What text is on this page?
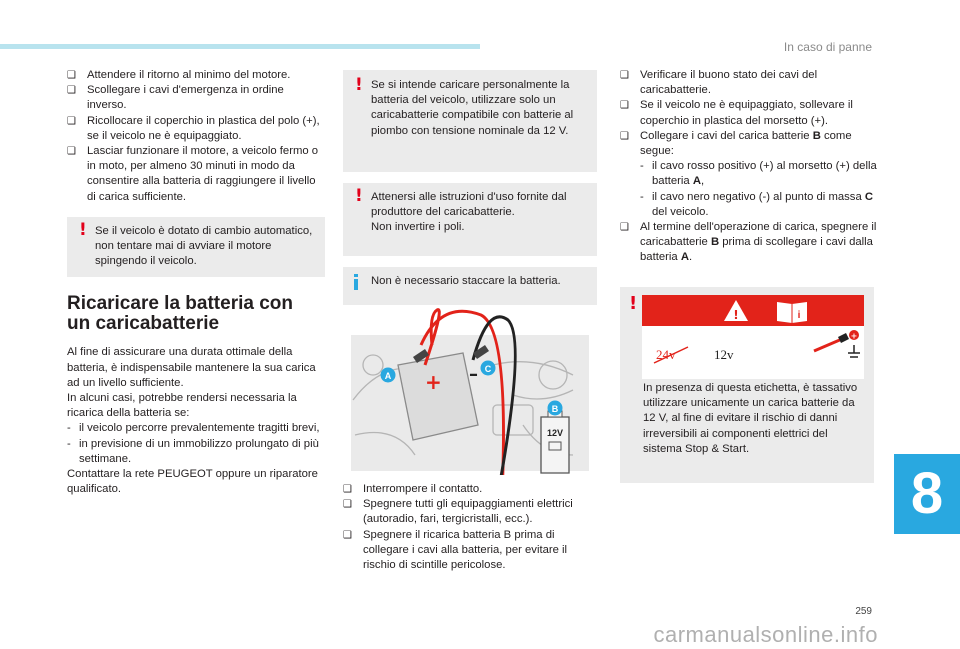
In caso di panne
❑ Attendere il ritorno al minimo del motore.
❑ Scollegare i cavi d'emergenza in ordine inverso.
❑ Ricollocare il coperchio in plastica del polo (+), se il veicolo ne è equipaggiato.
❑ Lasciar funzionare il motore, a veicolo fermo o in moto, per almeno 30 minuti in modo da consentire alla batteria di raggiungere il livello di carica sufficiente.
! Se il veicolo è dotato di cambio automatico, non tentare mai di avviare il motore spingendo il veicolo.
Ricaricare la batteria con
un caricabatterie
Al fine di assicurare una durata ottimale della batteria, è indispensabile mantenere la sua carica ad un livello sufficiente.
In alcuni casi, potrebbe rendersi necessaria la ricarica della batteria se:
- il veicolo percorre prevalentemente tragitti brevi,
- in previsione di un immobilizzo prolungato di più settimane.
Contattare la rete PEUGEOT oppure un riparatore qualificato.
! Se si intende caricare personalmente la batteria del veicolo, utilizzare solo un caricabatterie compatibile con batterie al piombo con tensione nominale da 12 V.
! Attenersi alle istruzioni d'uso fornite dal produttore del caricabatterie.
Non invertire i poli.
Non è necessario staccare la batteria.
+ –
A
C
12V
B
❑ Interrompere il contatto.
❑ Spegnere tutti gli equipaggiamenti elettrici (autoradio, fari, tergicristalli, ecc.).
❑ Spegnere il ricarica batteria B prima di collegare i cavi alla batteria, per evitare il rischio di scintille pericolose.
❑ Verificare il buono stato dei cavi del caricabatterie.
❑ Se il veicolo ne è equipaggiato, sollevare il coperchio in plastica del morsetto (+).
❑ Collegare i cavi del carica batterie B come segue:
- il cavo rosso positivo (+) al morsetto (+) della batteria A,
- il cavo nero negativo (-) al punto di massa C del veicolo.
❑ Al termine dell'operazione di carica, spegnere il caricabatterie B prima di scollegare i cavi dalla batteria A.
!
!	i
24v	12v
+
In presenza di questa etichetta, è tassativo utilizzare unicamente un carica batterie da 12 V, al fine di evitare il rischio di danni irreversibili ai componenti elettrici del sistema Stop & Start.
8
259
carmanualsonline.info
